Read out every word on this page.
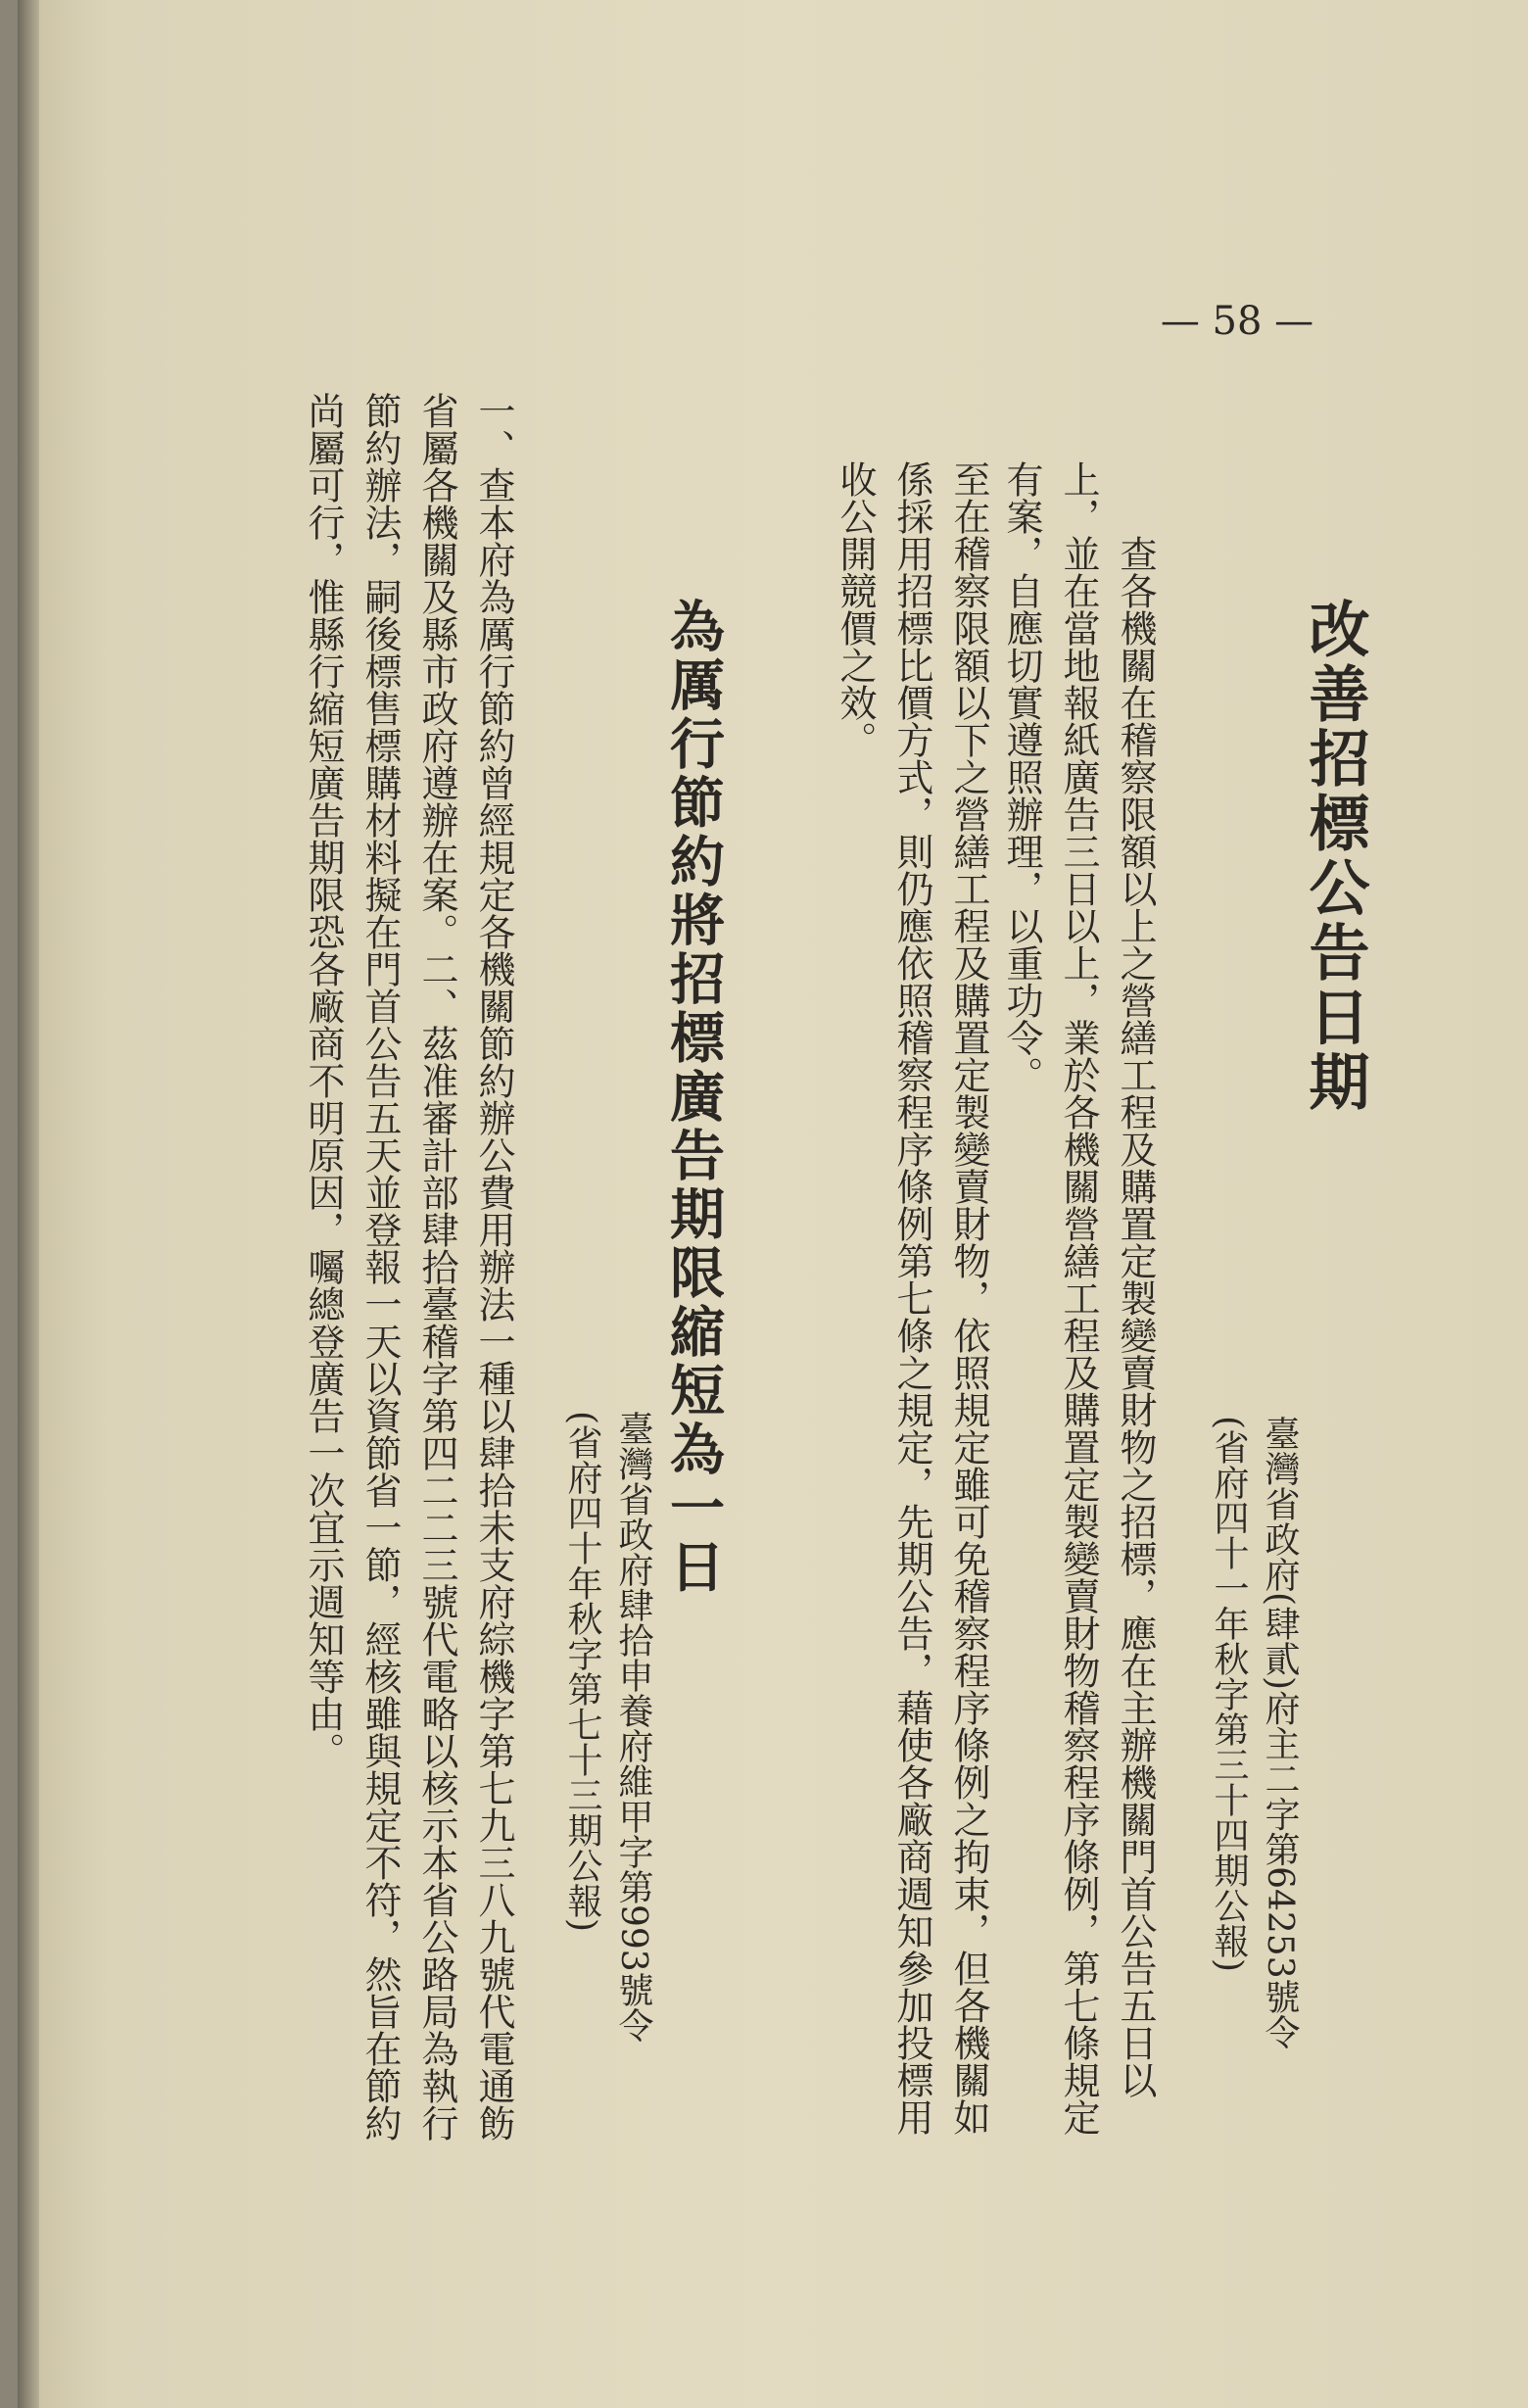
— 58 —
改善招標公告日期
臺灣省政府(肆貳)府主二字第64253號令
(省府四十一年秋字第三十四期公報)
查各機關在稽察限額以上之營繕工程及購置定製變賣財物之招標，應在主辦機關門首公告五日以上，並在當地報紙廣告三日以上，業於各機關營繕工程及購置定製變賣財物稽察程序條例，第七條規定有案，自應切實遵照辦理，以重功令。
至在稽察限額以下之營繕工程及購置定製變賣財物，依照規定雖可免稽察程序條例之拘束，但各機關如係採用招標比價方式，則仍應依照稽察程序條例第七條之規定，先期公告，藉使各廠商週知參加投標用收公開競價之效。
為厲行節約將招標廣告期限縮短為一日
臺灣省政府肆拾申養府維甲字第993號令
(省府四十年秋字第七十三期公報)
一、查本府為厲行節約曾經規定各機關節約辦公費用辦法一種以肆拾未支府綜機字第七九三八九號代電通飭省屬各機關及縣市政府遵辦在案。二、茲准審計部肆拾臺稽字第四二二三號代電略以核示本省公路局為執行節約辦法，嗣後標售標購材料擬在門首公告五天並登報一天以資節省一節，經核雖與規定不符，然旨在節約尚屬可行，惟縣行縮短廣告期限恐各廠商不明原因，囑總登廣告一次宜示週知等由。
